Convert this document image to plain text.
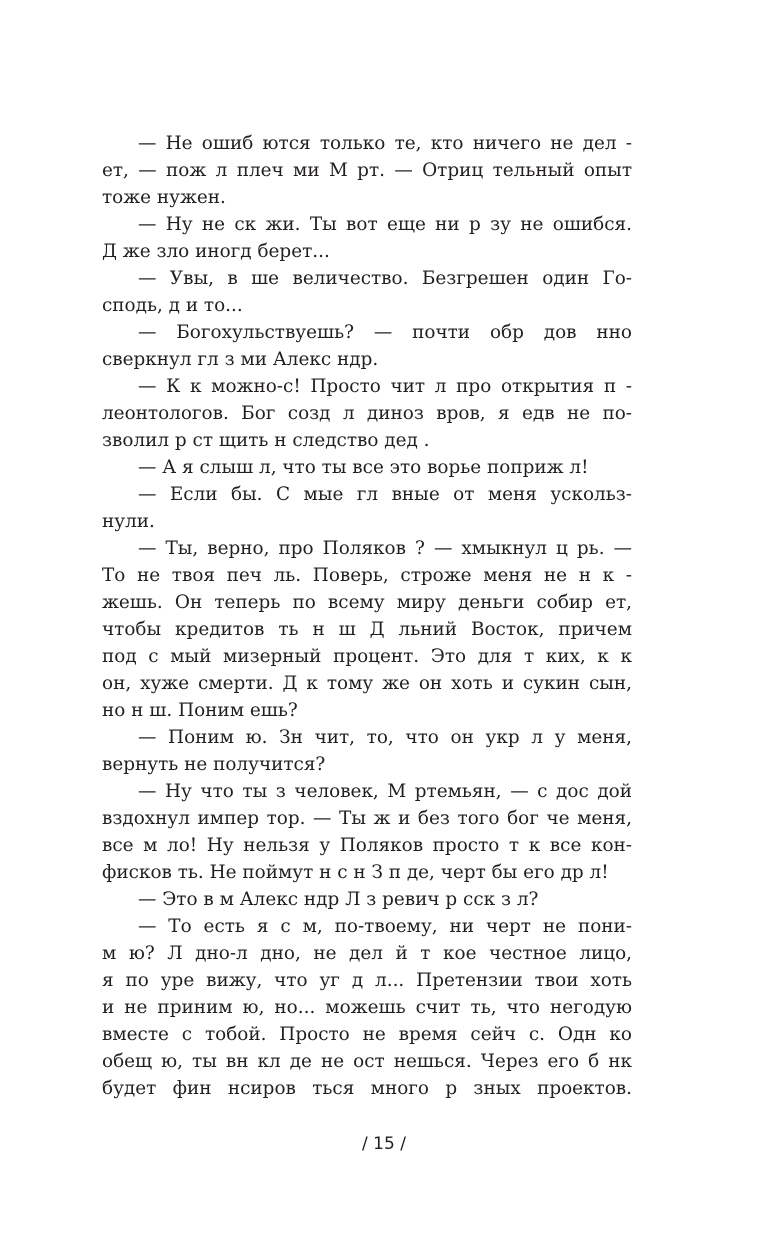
— Не ошиб ются только те, кто ничего не дел -
ет, — пож л плеч ми М рт. — Отриц тельный опыт
тоже нужен.
— Ну не ск жи. Ты вот еще ни р зу не ошибся.
Д же зло иногд берет...
— Увы, в ше величество. Безгрешен один Го-
сподь, д и то...
— Богохульствуешь? — почти обр дов нно
сверкнул гл з ми Алекс ндр.
— К к можно-с! Просто чит л про открытия п -
леонтологов. Бог созд л диноз вров, я едв не по-
зволил р ст щить н следство дед .
— А я слыш л, что ты все это ворье поприж л!
— Если бы. С мые гл вные от меня ускольз-
нули.
— Ты, верно, про Поляков ? — хмыкнул ц рь. —
То не твоя печ ль. Поверь, строже меня не н к -
жешь. Он теперь по всему миру деньги собир ет,
чтобы кредитов ть н ш Д льний Восток, причем
под с мый мизерный процент. Это для т ких, к к
он, хуже смерти. Д к тому же он хоть и сукин сын,
но н ш. Поним ешь?
— Поним ю. Зн чит, то, что он укр л у меня,
вернуть не получится?
— Ну что ты з человек, М ртемьян, — с дос дой
вздохнул импер тор. — Ты ж и без того бог че меня,
все м ло! Ну нельзя у Поляков просто т к все кон-
фисков ть. Не поймут н с н З п де, черт бы его др л!
— Это в м Алекс ндр Л з ревич р сск з л?
— То есть я с м, по-твоему, ни черт не пони-
м ю? Л дно-л дно, не дел й т кое честное лицо,
я по уре вижу, что уг д л... Претензии твои хоть
и не приним ю, но... можешь счит ть, что негодую
вместе с тобой. Просто не время сейч с. Одн ко
обещ ю, ты вн кл де не ост нешься. Через его б нк
будет фин нсиров ться много р зных проектов.
/ 15 /
